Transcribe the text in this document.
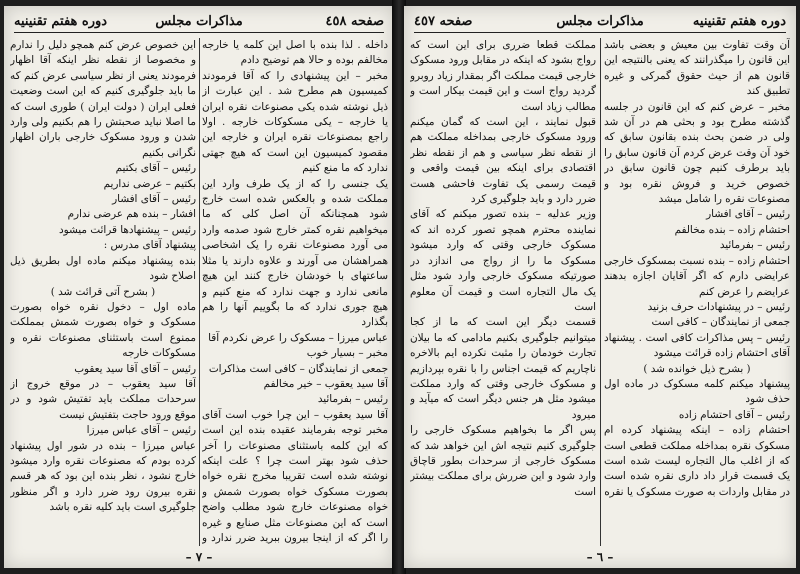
صفحه ٤٥٨
مذاکرات مجلس
دوره هفتم تقنینیه

داخله . لذا بنده با اصل این کلمه یا خارجه مخالفم بوده و حالا هم توضیح دادم

مخبر – این پیشنهادی را که آقا فرمودند کمیسیون هم مطرح شد . این عبارت از ذیل نوشته شده یکی مصنوعات نقره ایران یا خارجه – یکی مسکوکات خارجه . اولا راجع بمصنوعات نقره ایران و خارجه این مقصود کمیسیون این است که هیچ جهتی ندارد که ما منع کنیم

یک جنسی را که از یک طرف وارد این مملکت شده و بالعکس شده است خارج شود همچنانکه آن اصل کلی که ما میخواهیم نقره کمتر خارج شود صدمه وارد می آورد مصنوعات نقره را یک اشخاصی همراهشان می آورند و علاوه دارند یا مثلا ساعتهای با خودشان خارج کنند این هیچ مانعی ندارد و جهت ندارد که منع کنیم و هیچ جوری ندارد که ما بگوییم آنها را هم بگذارد

عباس میرزا – مسکوک را عرض نکردم آقا

مخبر – بسیار خوب

جمعی از نمایندگان – کافی است مذاکرات

آقا سید یعقوب – خیر مخالفم

رئیس – بفرمائید

آقا سید یعقوب – این چرا خوب است آقای مخبر توجه بفرمایند عقیده بنده این است که این کلمه باستثنای مصنوعات را آخر حذف شود بهتر است چرا ؟ علت اینکه نوشته شده است تقریبا مخرج نقره خواه بصورت مسکوک خواه بصورت شمش و خواه مصنوعات خارج شود مطلب واضح است که این مصنوعات مثل صنایع و غیره را اگر که از اینجا بیرون ببرید ضرر ندارد و

این خصوص عرض کنم همچو دلیل را ندارم و مخصوصا از نقطه نظر اینکه آقا اظهار فرمودند یعنی از نظر سیاسی عرض کنم که ما باید جلوگیری کنیم که این است وضعیت فعلی ایران ( دولت ایران ) طوری است که ما اصلا نباید صحبتش را هم بکنیم ولی وارد شدن و ورود مسکوک خارجی باران اظهار نگرانی بکنیم

رئیس – آقای بکتیم

بکتیم – عرضی نداریم

رئیس – آقای افشار

افشار – بنده هم عرضی ندارم

رئیس – پیشنهادها قرائت میشود

پیشنهاد آقای مدرس :

بنده پیشنهاد میکنم ماده اول بطریق ذیل اصلاح شود

( بشرح آتی قرائت شد )

ماده اول – دخول نقره خواه بصورت مسکوک و خواه بصورت شمش بمملکت ممنوع است باستثنای مصنوعات نقره و مسکوکات خارجه

رئیس – آقای آقا سید یعقوب

آقا سید یعقوب – در موقع خروج از سرحدات مملکت باید تفتیش شود و در موقع ورود حاجت بتفتیش نیست

رئیس – آقای عباس میرزا

عباس میرزا – بنده در شور اول پیشنهاد کرده بودم که مصنوعات نقره وارد میشود خارج نشود ، نظر بنده این بود که هر قسم نقره بیرون رود ضرر دارد و اگر منظور جلوگیری است باید کلیه نقره باشد

– ۷ –
دوره هفتم تقنینیه
مذاکرات مجلس
صفحه ٤٥٧

آن وقت تفاوت بین معیش و بعضی باشد این قانون را میگذرانند که یعنی بالنتیجه این قانون هم از حیث حقوق گمرکی و غیره تطبیق کند

مخبر – عرض کنم که این قانون در جلسه گذشته مطرح بود و بحثی هم در آن شد ولی در ضمن بحث بنده بقانون سابق که خود آن وقت عرض کردم آن قانون سابق را باید برطرف کنیم چون قانون سابق در خصوص خرید و فروش نقره بود و مصنوعات نقره را شامل میشد

رئیس – آقای افشار

احتشام زاده – بنده مخالفم

رئیس – بفرمائید

احتشام زاده – بنده نسبت بمسکوک خارجی عرایضی دارم که اگر آقایان اجازه بدهند عرایضم را عرض کنم

رئیس – در پیشنهادات حرف بزنید

جمعی از نمایندگان – کافی است

رئیس – پس مذاکرات کافی است . پیشنهاد آقای احتشام زاده قرائت میشود

( بشرح ذیل خوانده شد )

پیشنهاد میکنم کلمه مسکوک در ماده اول حذف شود

رئیس – آقای احتشام زاده

احتشام زاده – اینکه پیشنهاد کرده ام مسکوک نقره بمداخله مملکت قطعی است که از اغلب مال التجاره لیست شده است یک قسمت قرار داد داری نقره شده است در مقابل واردات به صورت مسکوک یا نقره

مملکت قطعا ضرری برای این است که رواج بشود که اینکه در مقابل ورود مسکوک خارجی قیمت مملکت اگر بمقدار زیاد روبرو گردید رواج است و این قیمت بیکار است و مطالب زیاد است

قبول نمایند ، این است که گمان میکنم ورود مسکوک خارجی بمداخله مملکت هم از نقطه نظر سیاسی و هم از نقطه نظر اقتصادی برای اینکه بین قیمت واقعی و قیمت رسمی یک تفاوت فاحشی هست ضرر دارد و باید جلوگیری کرد

وزیر عدلیه – بنده تصور میکنم که آقای نماینده محترم همچو تصور کرده اند که مسکوک خارجی وقتی که وارد میشود مسکوک ما را از رواج می اندازد در صورتیکه مسکوک خارجی وارد شود مثل یک مال التجاره است و قیمت آن معلوم است

قسمت دیگر این است که ما از کجا میتوانیم جلوگیری بکنیم مادامی که ما بیلان تجارت خودمان را مثبت نکرده ایم بالاخره ناچاریم که قیمت اجناس را با نقره بپردازیم و مسکوک خارجی وقتی که وارد مملکت میشود مثل هر جنس دیگر است که میآید و میرود

پس اگر ما بخواهیم مسکوک خارجی را جلوگیری کنیم نتیجه اش این خواهد شد که مسکوک خارجی از سرحدات بطور قاچاق وارد شود و این ضررش برای مملکت بیشتر است

– ٦ –
